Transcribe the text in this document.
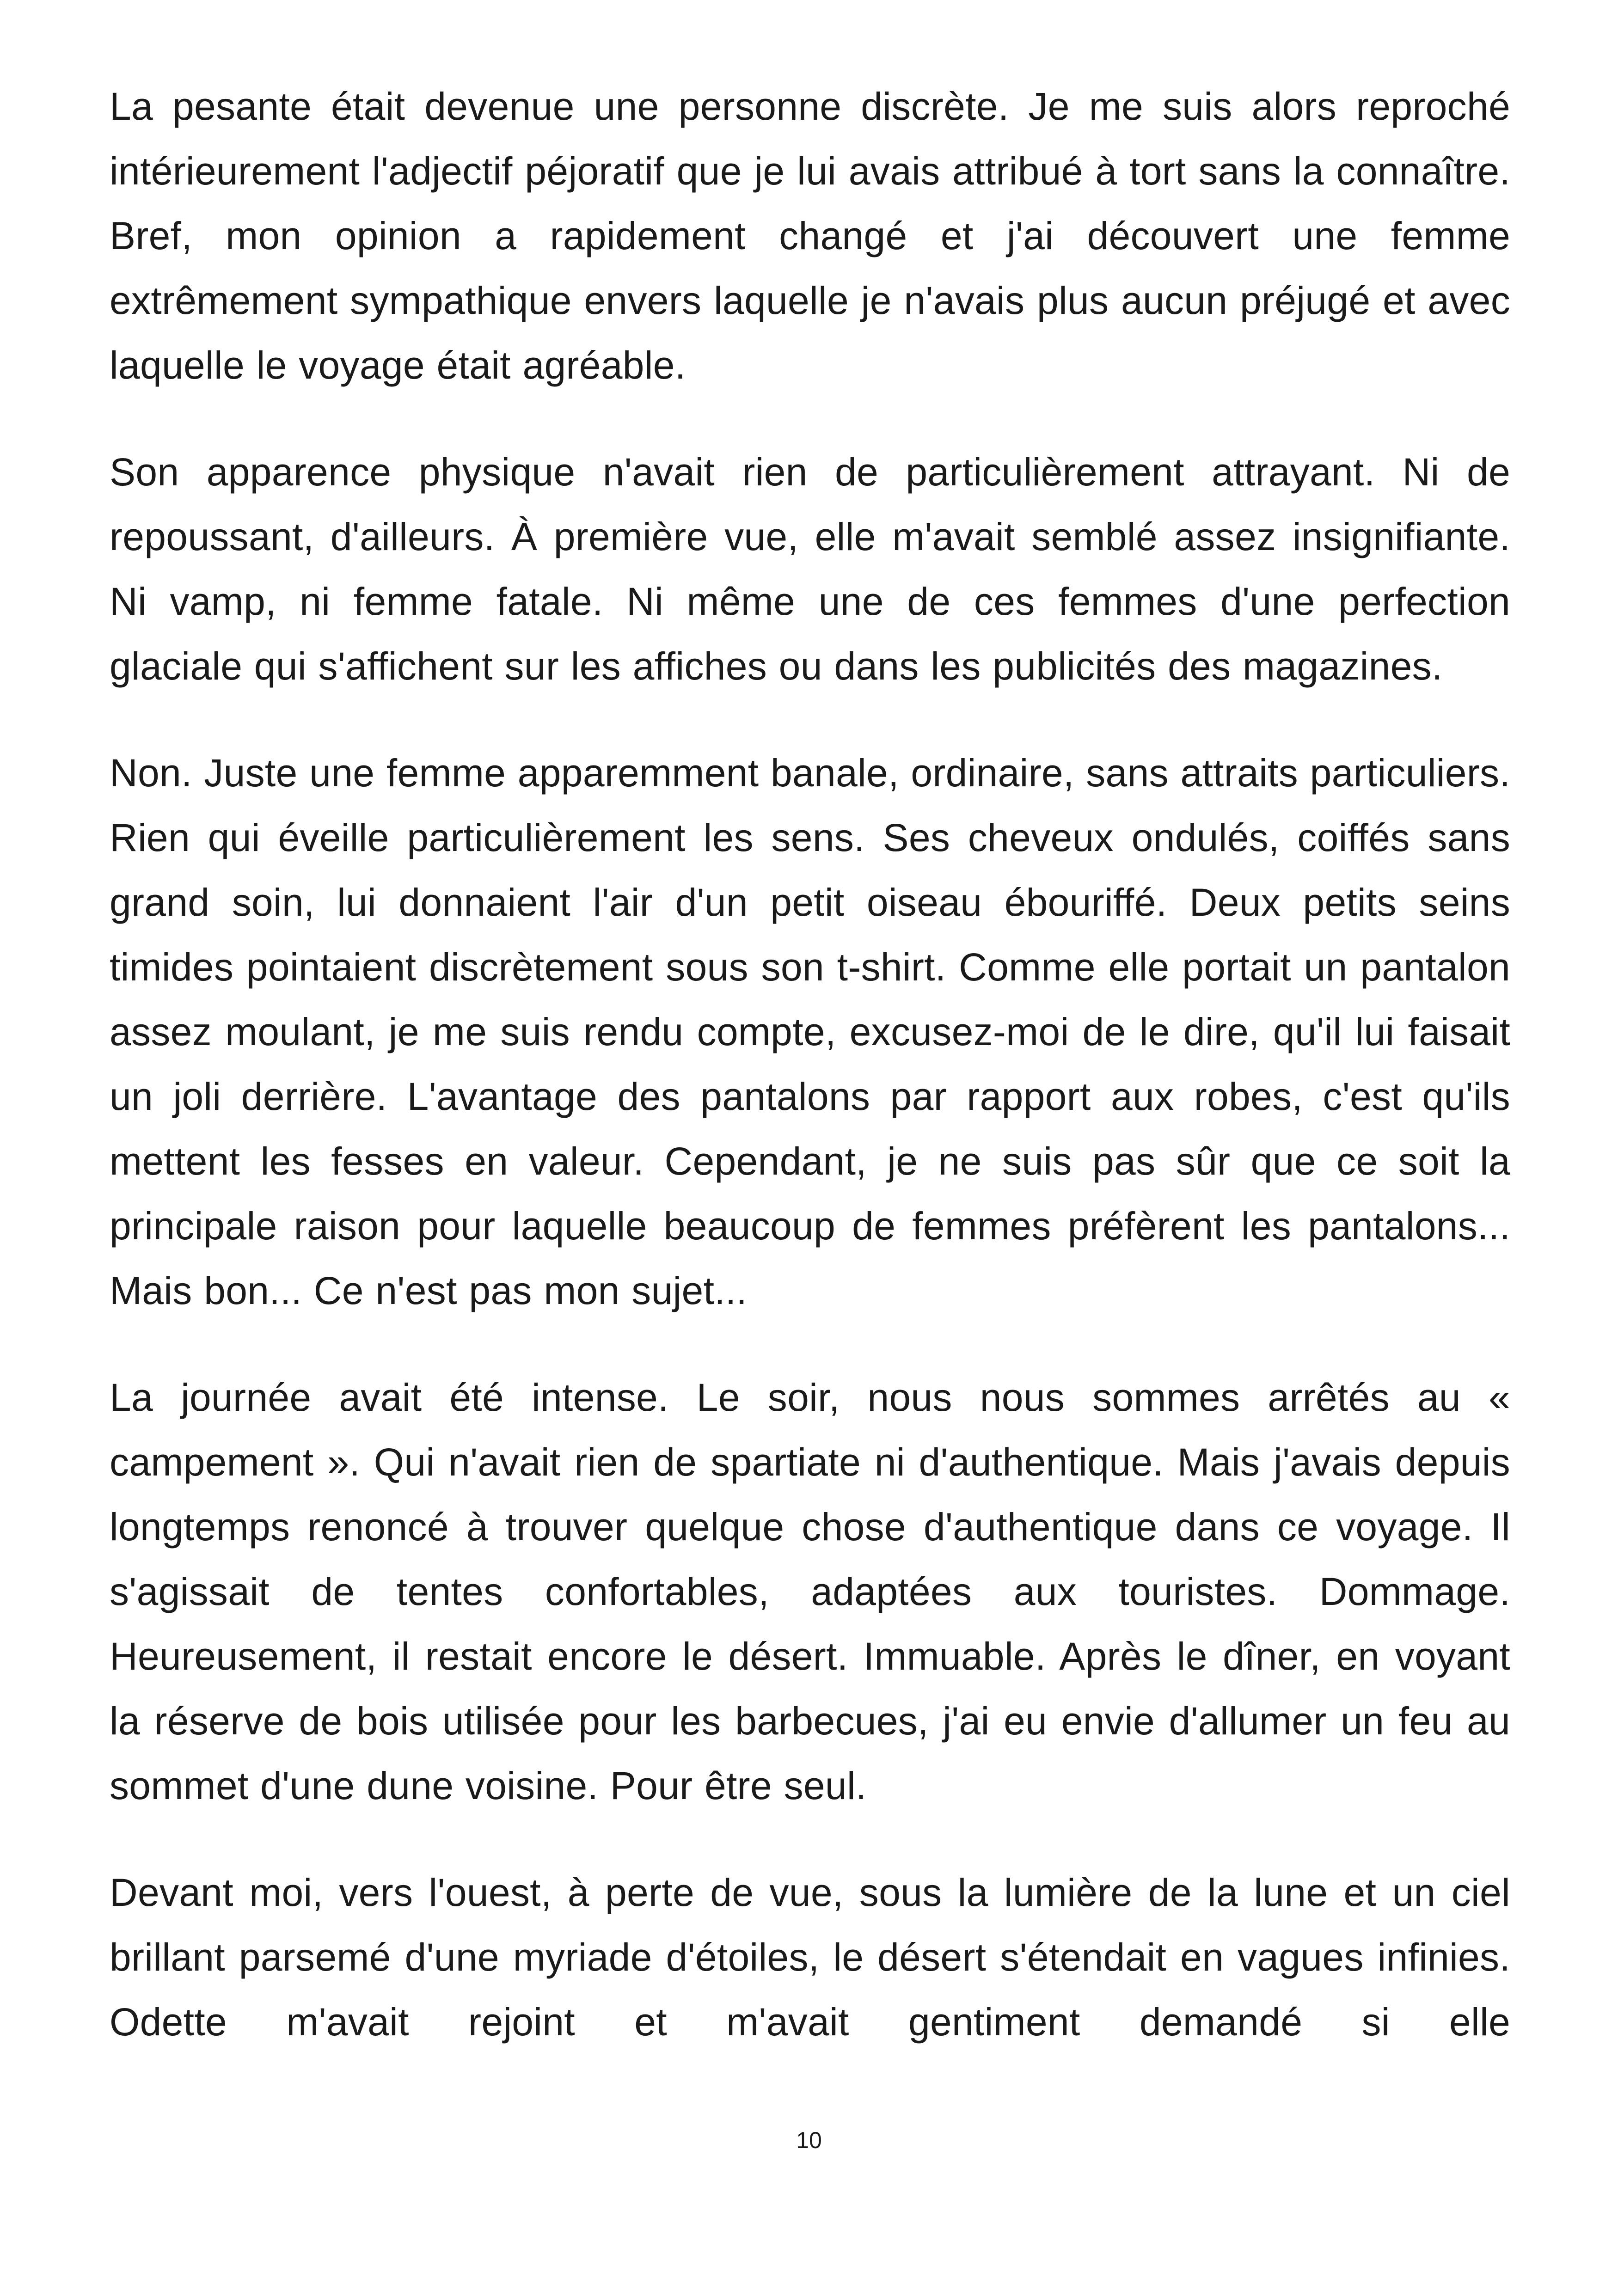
La pesante était devenue une personne discrète. Je me suis alors reproché intérieurement l'adjectif péjoratif que je lui avais attribué à tort sans la connaître. Bref, mon opinion a rapidement changé et j'ai découvert une femme extrêmement sympathique envers laquelle je n'avais plus aucun préjugé et avec laquelle le voyage était agréable.

Son apparence physique n'avait rien de particulièrement attrayant. Ni de repoussant, d'ailleurs. À première vue, elle m'avait semblé assez insignifiante. Ni vamp, ni femme fatale. Ni même une de ces femmes d'une perfection glaciale qui s'affichent sur les affiches ou dans les publicités des magazines.

Non. Juste une femme apparemment banale, ordinaire, sans attraits particuliers. Rien qui éveille particulièrement les sens. Ses cheveux ondulés, coiffés sans grand soin, lui donnaient l'air d'un petit oiseau ébouriffé. Deux petits seins timides pointaient discrètement sous son t-shirt. Comme elle portait un pantalon assez moulant, je me suis rendu compte, excusez-moi de le dire, qu'il lui faisait un joli derrière. L'avantage des pantalons par rapport aux robes, c'est qu'ils mettent les fesses en valeur. Cependant, je ne suis pas sûr que ce soit la principale raison pour laquelle beaucoup de femmes préfèrent les pantalons... Mais bon... Ce n'est pas mon sujet...

La journée avait été intense. Le soir, nous nous sommes arrêtés au « campement ». Qui n'avait rien de spartiate ni d'authentique. Mais j'avais depuis longtemps renoncé à trouver quelque chose d'authentique dans ce voyage. Il s'agissait de tentes confortables, adaptées aux touristes. Dommage. Heureusement, il restait encore le désert. Immuable. Après le dîner, en voyant la réserve de bois utilisée pour les barbecues, j'ai eu envie d'allumer un feu au sommet d'une dune voisine. Pour être seul.

Devant moi, vers l'ouest, à perte de vue, sous la lumière de la lune et un ciel brillant parsemé d'une myriade d'étoiles, le désert s'étendait en vagues infinies. Odette m'avait rejoint et m'avait gentiment demandé si elle

10
